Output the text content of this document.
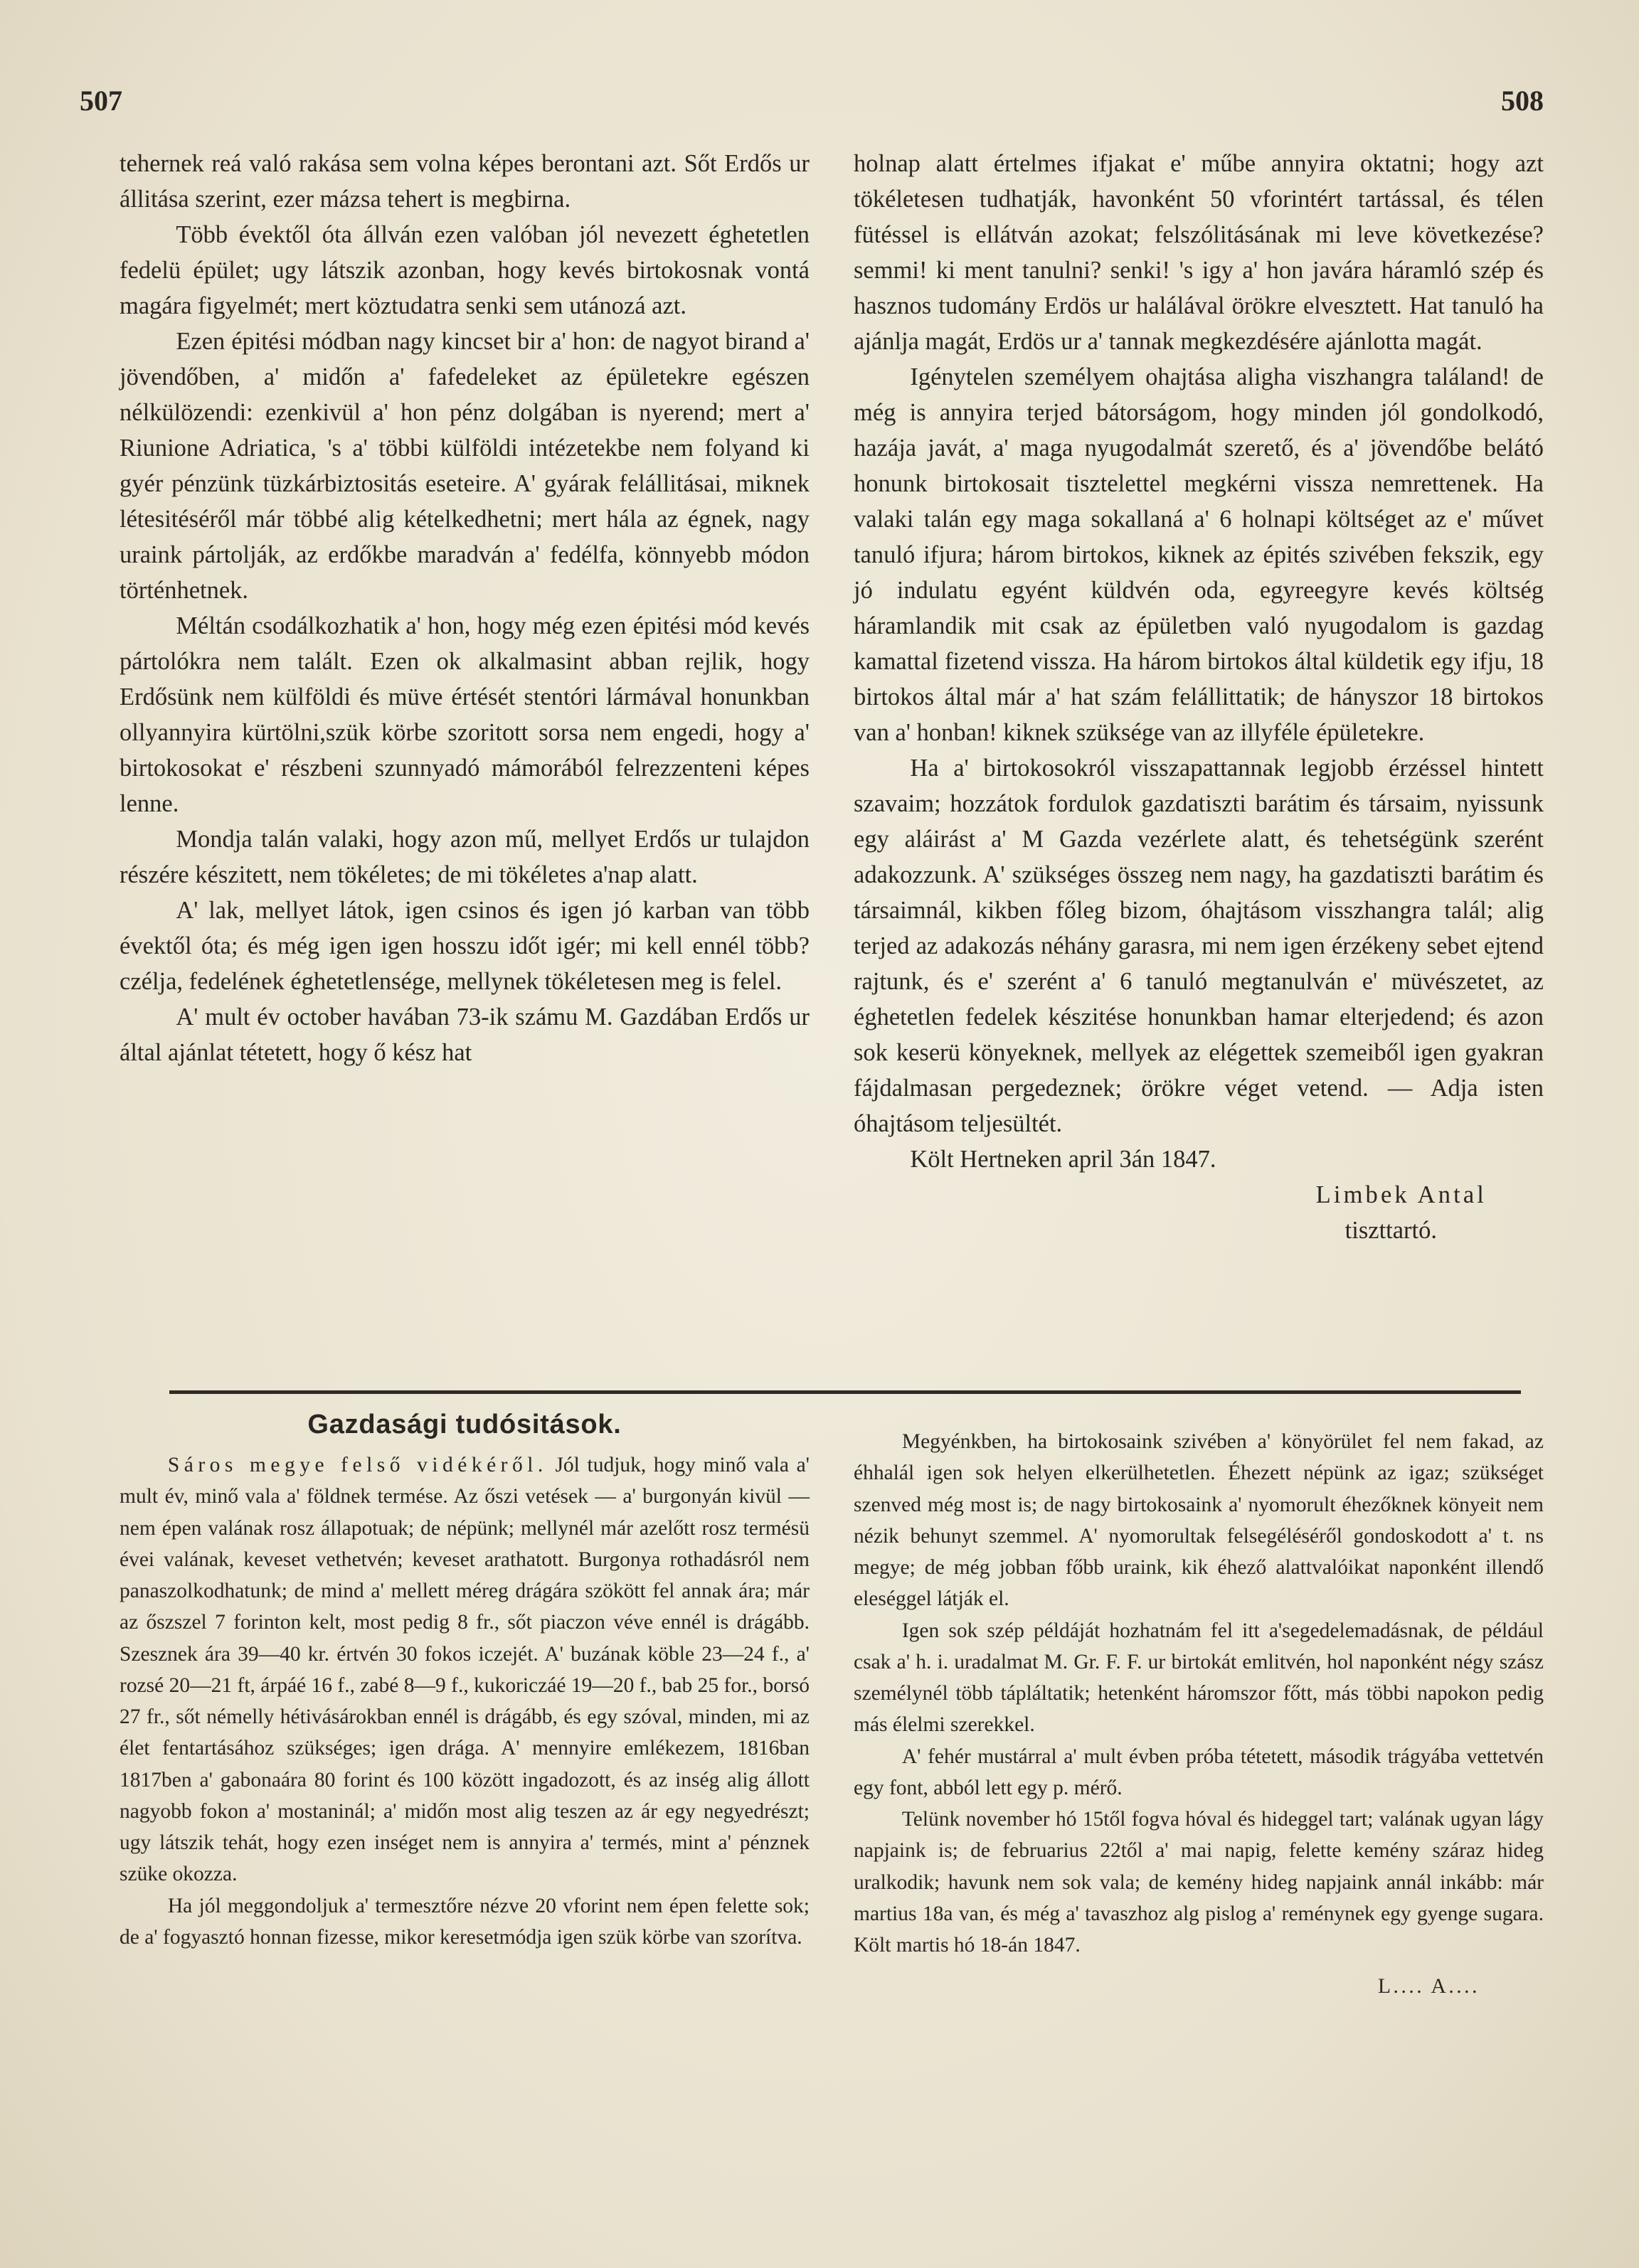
507	508

tehernek reá való rakása sem volna képes berontani azt. Sőt Erdős ur állitása szerint, ezer mázsa tehert is megbirna.

Több évektől óta állván ezen valóban jól nevezett éghetetlen fedelü épület; ugy látszik azonban, hogy kevés birtokosnak vontá magára figyelmét; mert köztudatra senki sem utánozá azt.

Ezen épitési módban nagy kincset bir a' hon: de nagyot birand a' jövendőben, a' midőn a' fafedeleket az épületekre egészen nélkülözendi: ezenkivül a' hon pénz dolgában is nyerend; mert a' Riunione Adriatica, 's a' többi külföldi intézetekbe nem folyand ki gyér pénzünk tüzkárbiztositás eseteire. A' gyárak felállitásai, miknek létesitéséről már többé alig kételkedhetni; mert hála az égnek, nagy uraink pártolják, az erdőkbe maradván a' fedélfa, könnyebb módon történhetnek.

Méltán csodálkozhatik a' hon, hogy még ezen épitési mód kevés pártolókra nem talált. Ezen ok alkalmasint abban rejlik, hogy Erdősünk nem külföldi és müve értését stentóri lármával honunkban ollyannyira kürtölni,szük körbe szoritott sorsa nem engedi, hogy a' birtokosokat e' részbeni szunnyadó mámorából felrezzenteni képes lenne.

Mondja talán valaki, hogy azon mű, mellyet Erdős ur tulajdon részére készitett, nem tökéletes; de mi tökéletes a'nap alatt.

A' lak, mellyet látok, igen csinos és igen jó karban van több évektől óta; és még igen igen hosszu időt igér; mi kell ennél több? czélja, fedelének éghetetlensége, mellynek tökéletesen meg is felel.

A' mult év october havában 73-ik számu M. Gazdában Erdős ur által ajánlat tétetett, hogy ő kész hat

holnap alatt értelmes ifjakat e' műbe annyira oktatni; hogy azt tökéletesen tudhatják, havonként 50 vforintért tartással, és télen fütéssel is ellátván azokat; felszólitásának mi leve következése? semmi! ki ment tanulni? senki! 's igy a' hon javára háramló szép és hasznos tudomány Erdös ur halálával örökre elvesztett. Hat tanuló ha ajánlja magát, Erdös ur a' tannak megkezdésére ajánlotta magát.

Igénytelen személyem ohajtása aligha viszhangra találand! de még is annyira terjed bátorságom, hogy minden jól gondolkodó, hazája javát, a' maga nyugodalmát szerető, és a' jövendőbe belátó honunk birtokosait tisztelettel megkérni vissza nemrettenek. Ha valaki talán egy maga sokallaná a' 6 holnapi költséget az e' művet tanuló ifjura; három birtokos, kiknek az épités szivében fekszik, egy jó indulatu egyént küldvén oda, egyreegyre kevés költség háramlandik mit csak az épületben való nyugodalom is gazdag kamattal fizetend vissza. Ha három birtokos által küldetik egy ifju, 18 birtokos által már a' hat szám felállittatik; de hányszor 18 birtokos van a' honban! kiknek szüksége van az illyféle épületekre.

Ha a' birtokosokról visszapattannak legjobb érzéssel hintett szavaim; hozzátok fordulok gazdatiszti barátim és társaim, nyissunk egy aláirást a' M Gazda vezérlete alatt, és tehetségünk szerént adakozzunk. A' szükséges összeg nem nagy, ha gazdatiszti barátim és társaimnál, kikben főleg bizom, óhajtásom visszhangra talál; alig terjed az adakozás néhány garasra, mi nem igen érzékeny sebet ejtend rajtunk, és e' szerént a' 6 tanuló megtanulván e' müvészetet, az éghetetlen fedelek készitése honunkban hamar elterjedend; és azon sok keserü könyeknek, mellyek az elégettek szemeiből igen gyakran fájdalmasan pergedeznek; örökre véget vetend. — Adja isten óhajtásom teljesültét.

Költ Hertneken april 3án 1847.

Limbek Antal
tiszttartó.
Gazdasági tudósitások.

Sáros megye felső vidékéről. Jól tudjuk, hogy minő vala a' mult év, minő vala a' földnek termése. Az őszi vetések — a' burgonyán kivül — nem épen valának rosz állapotuak; de népünk; mellynél már azelőtt rosz termésü évei valának, keveset vethetvén; keveset arathatott. Burgonya rothadásról nem panaszolkodhatunk; de mind a' mellett méreg drágára szökött fel annak ára; már az őszszel 7 forinton kelt, most pedig 8 fr., sőt piaczon véve ennél is drágább. Szesznek ára 39—40 kr. értvén 30 fokos iczejét. A' buzának köble 23—24 f., a' rozsé 20—21 ft, árpáé 16 f., zabé 8—9 f., kukoriczáé 19—20 f., bab 25 for., borsó 27 fr., sőt némelly hétivásárokban ennél is drágább, és egy szóval, minden, mi az élet fentartásához szükséges; igen drága. A' mennyire emlékezem, 1816ban 1817ben a' gabonaára 80 forint és 100 között ingadozott, és az inség alig állott nagyobb fokon a' mostaninál; a' midőn most alig teszen az ár egy negyedrészt; ugy látszik tehát, hogy ezen inséget nem is annyira a' termés, mint a' pénznek szüke okozza.

Ha jól meggondoljuk a' termesztőre nézve 20 vforint nem épen felette sok; de a' fogyasztó honnan fizesse, mikor keresetmódja igen szük körbe van szorítva.

Megyénkben, ha birtokosaink szivében a' könyörület fel nem fakad, az éhhalál igen sok helyen elkerülhetetlen. Éhezett népünk az igaz; szükséget szenved még most is; de nagy birtokosaink a' nyomorult éhezőknek könyeit nem nézik behunyt szemmel. A' nyomorultak felsegéléséről gondoskodott a' t. ns megye; de még jobban főbb uraink, kik éhező alattvalóikat naponként illendő eleséggel látják el.

Igen sok szép példáját hozhatnám fel itt a'segedelemadásnak, de például csak a' h. i. uradalmat M. Gr. F. F. ur birtokát emlitvén, hol naponként négy szász személynél több tápláltatik; hetenként háromszor főtt, más többi napokon pedig más élelmi szerekkel.

A' fehér mustárral a' mult évben próba tétetett, második trágyába vettetvén egy font, abból lett egy p. mérő.

Telünk november hó 15től fogva hóval és hideggel tart; valának ugyan lágy napjaink is; de februarius 22től a' mai napig, felette kemény száraz hideg uralkodik; havunk nem sok vala; de kemény hideg napjaink annál inkább: már martius 18a van, és még a' tavaszhoz alg pislog a' reménynek egy gyenge sugara. Költ martis hó 18-án 1847.

L.... A....
